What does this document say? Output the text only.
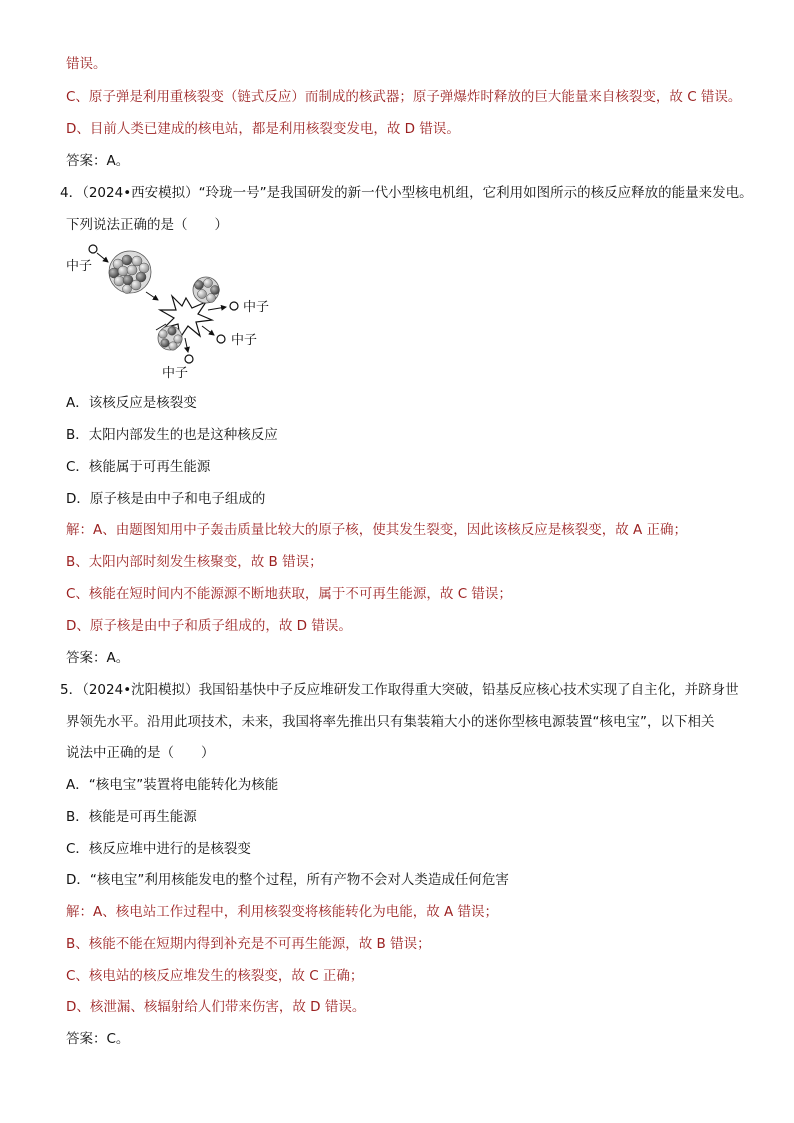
错误。
C、原子弹是利用重核裂变（链式反应）而制成的核武器；原子弹爆炸时释放的巨大能量来自核裂变，故 C 错误。
D、目前人类已建成的核电站，都是利用核裂变发电，故 D 错误。
答案：A。
4．（2024•西安模拟）“玲珑一号”是我国研发的新一代小型核电机组，它利用如图所示的核反应释放的能量来发电。
下列说法正确的是（　　）
中子
中子
中子
中子
A．该核反应是核裂变
B．太阳内部发生的也是这种核反应
C．核能属于可再生能源
D．原子核是由中子和电子组成的
解：A、由题图知用中子轰击质量比较大的原子核，使其发生裂变，因此该核反应是核裂变，故 A 正确；
B、太阳内部时刻发生核聚变，故 B 错误；
C、核能在短时间内不能源源不断地获取，属于不可再生能源，故 C 错误；
D、原子核是由中子和质子组成的，故 D 错误。
答案：A。
5．（2024•沈阳模拟）我国铅基快中子反应堆研发工作取得重大突破，铅基反应核心技术实现了自主化，并跻身世
界领先水平。沿用此项技术，未来，我国将率先推出只有集装箱大小的迷你型核电源装置“核电宝”，以下相关
说法中正确的是（　　）
A．“核电宝”装置将电能转化为核能
B．核能是可再生能源
C．核反应堆中进行的是核裂变
D．“核电宝”利用核能发电的整个过程，所有产物不会对人类造成任何危害
解：A、核电站工作过程中，利用核裂变将核能转化为电能，故 A 错误；
B、核能不能在短期内得到补充是不可再生能源，故 B 错误；
C、核电站的核反应堆发生的核裂变，故 C 正确；
D、核泄漏、核辐射给人们带来伤害，故 D 错误。
答案：C。
